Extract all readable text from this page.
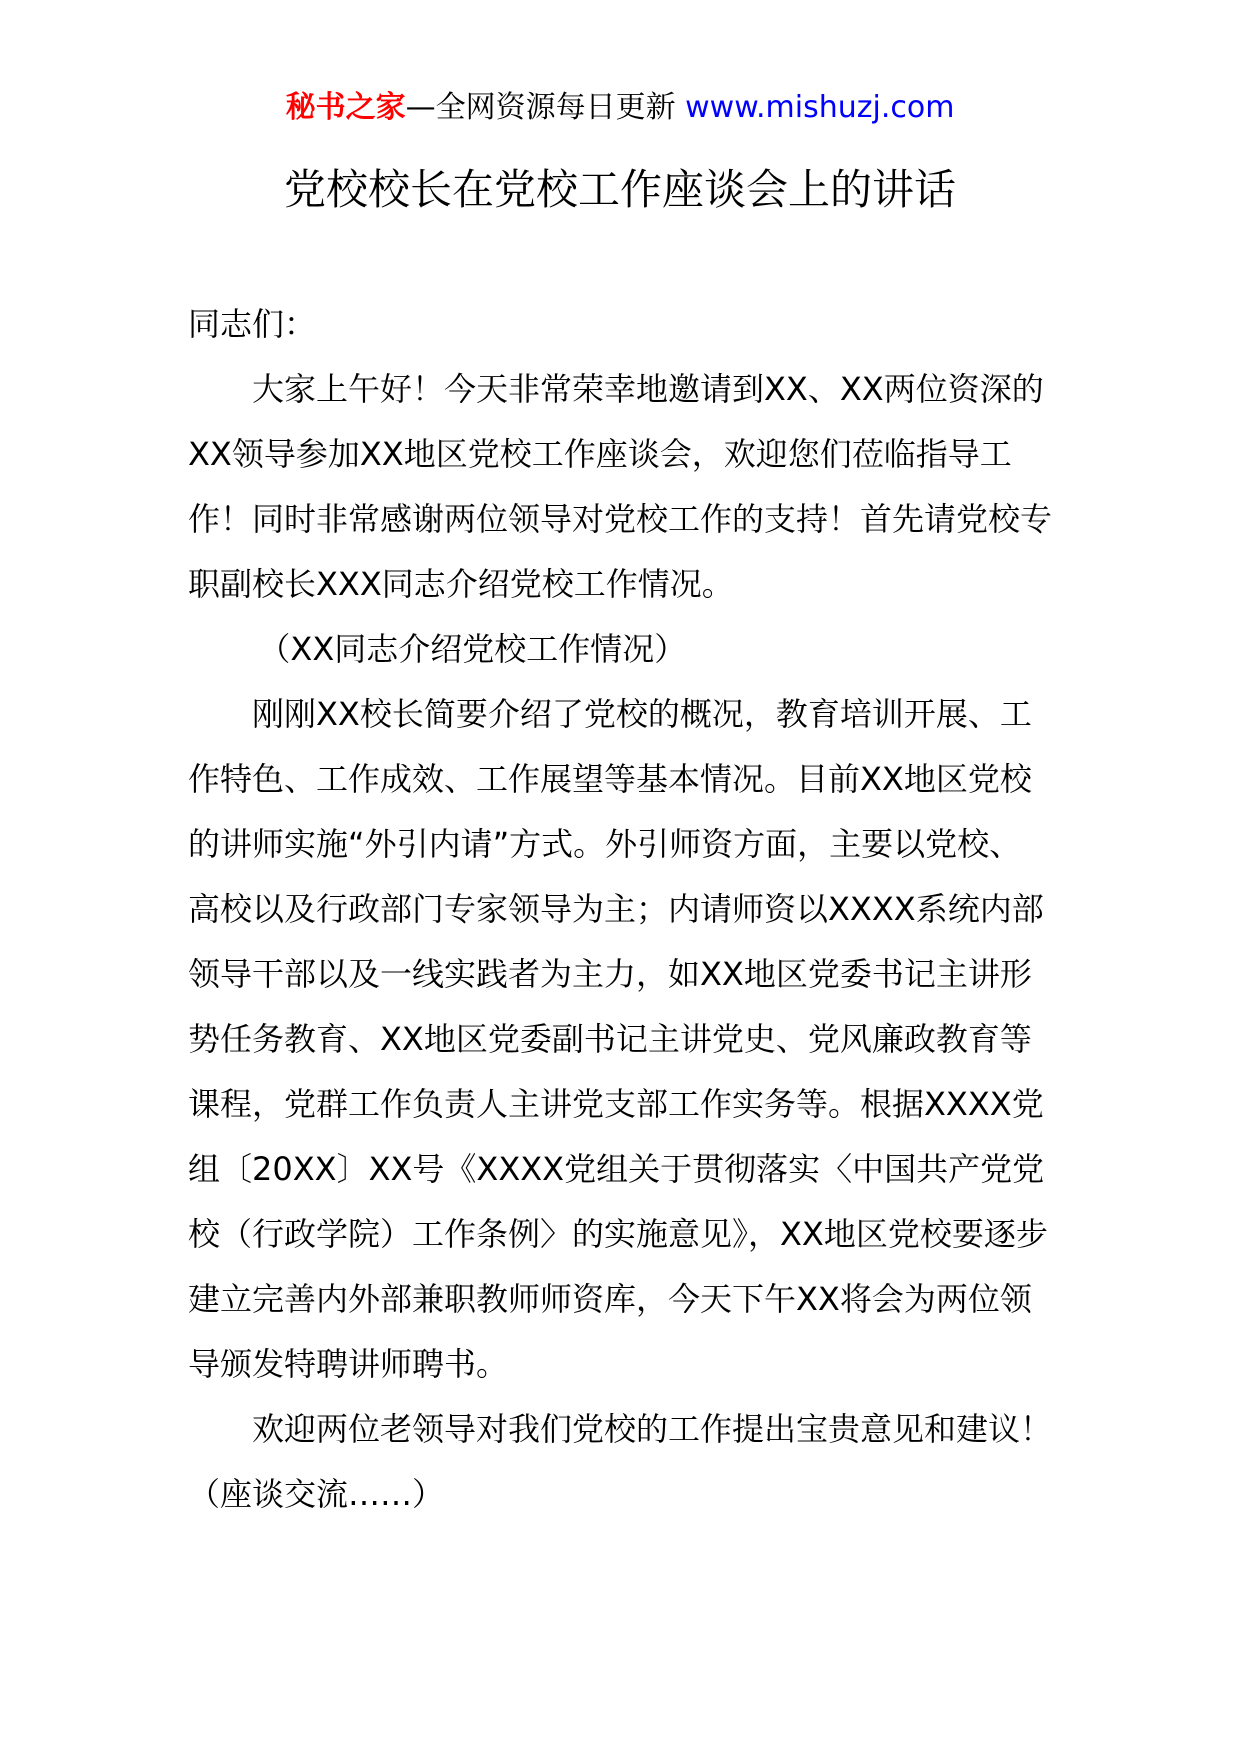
秘书之家—全网资源每日更新 www.mishuzj.com
党校校长在党校工作座谈会上的讲话

同志们：

大家上午好！今天非常荣幸地邀请到XX、XX两位资深的XX领导参加XX地区党校工作座谈会，欢迎您们莅临指导工作！同时非常感谢两位领导对党校工作的支持！首先请党校专职副校长XXX同志介绍党校工作情况。

（XX同志介绍党校工作情况）

刚刚XX校长简要介绍了党校的概况，教育培训开展、工作特色、工作成效、工作展望等基本情况。目前XX地区党校的讲师实施“外引内请”方式。外引师资方面，主要以党校、高校以及行政部门专家领导为主；内请师资以XXXX系统内部领导干部以及一线实践者为主力，如XX地区党委书记主讲形势任务教育、XX地区党委副书记主讲党史、党风廉政教育等课程，党群工作负责人主讲党支部工作实务等。根据XXXX党组〔20XX〕XX号《XXXX党组关于贯彻落实〈中国共产党党校（行政学院）工作条例〉的实施意见》，XX地区党校要逐步建立完善内外部兼职教师师资库，今天下午XX将会为两位领导颁发特聘讲师聘书。

欢迎两位老领导对我们党校的工作提出宝贵意见和建议！（座谈交流……）
